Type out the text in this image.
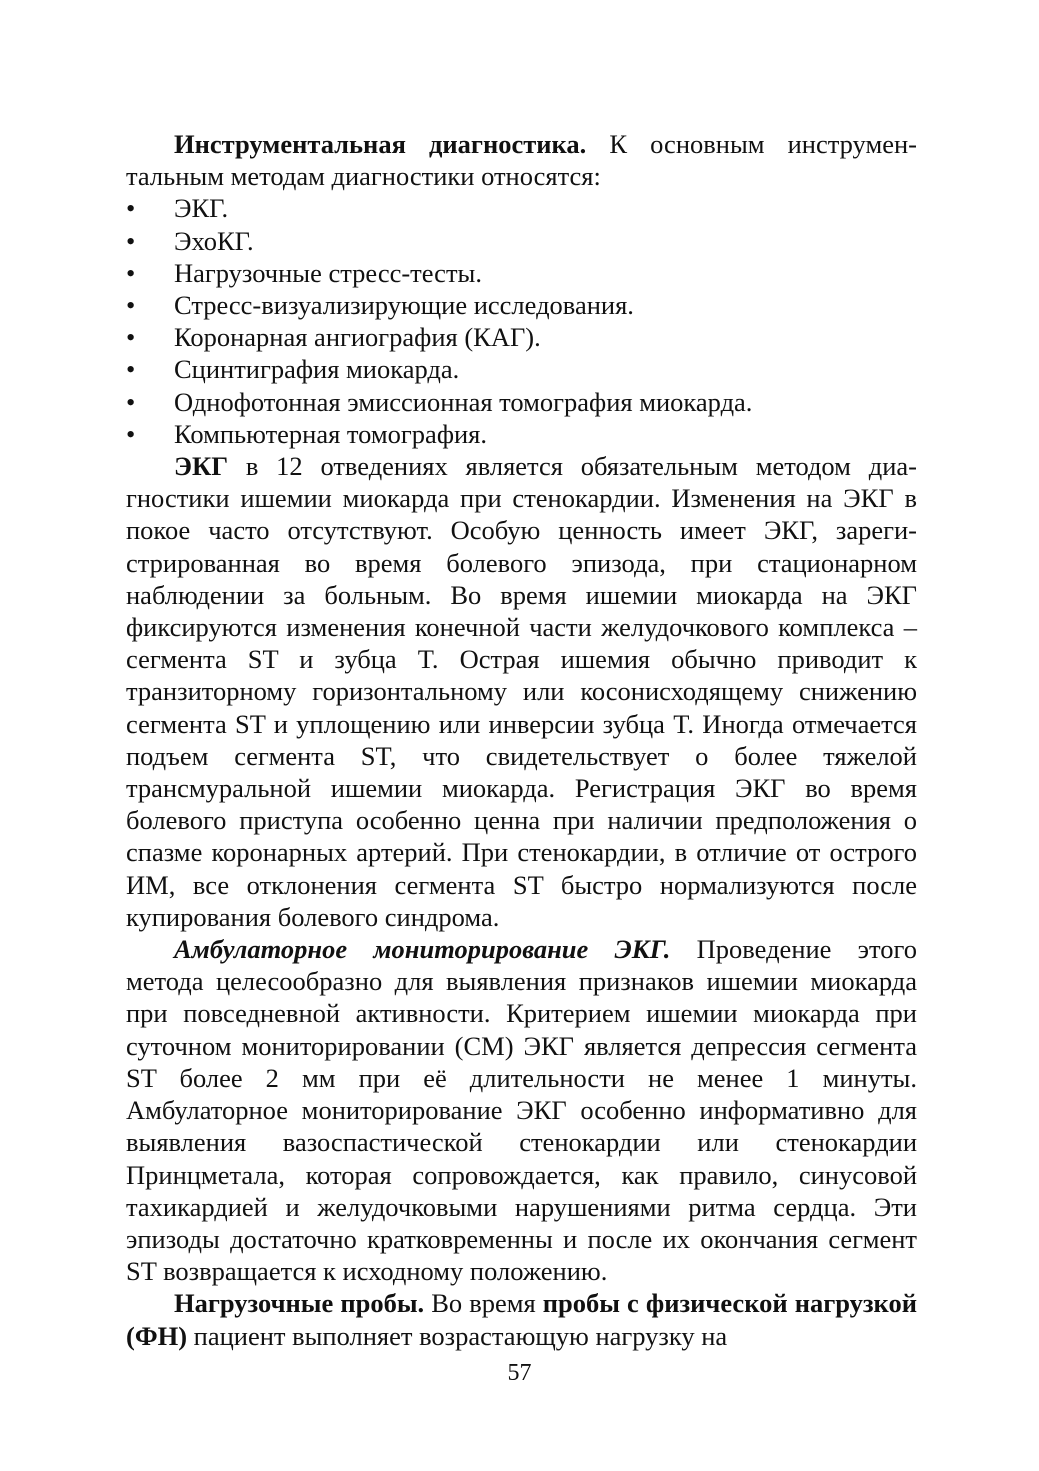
Инструментальная диагностика. К основным инструментальным методам диагностики относятся:

• ЭКГ.
• ЭхоКГ.
• Нагрузочные стресс-тесты.
• Стресс-визуализирующие исследования.
• Коронарная ангиография (КАГ).
• Сцинтиграфия миокарда.
• Однофотонная эмиссионная томография миокарда.
• Компьютерная томография.

ЭКГ в 12 отведениях является обязательным методом диагностики ишемии миокарда при стенокардии. Изменения на ЭКГ в покое часто отсутствуют. Особую ценность имеет ЭКГ, зарегистрированная во время болевого эпизода, при стационарном наблюдении за больным. Во время ишемии миокарда на ЭКГ фиксируются изменения конечной части желудочкового комплекса – сегмента ST и зубца T. Острая ишемия обычно приводит к транзиторному горизонтальному или косонисходящему снижению сегмента ST и уплощению или инверсии зубца T. Иногда отмечается подъем сегмента ST, что свидетельствует о более тяжелой трансмуральной ишемии миокарда. Регистрация ЭКГ во время болевого приступа особенно ценна при наличии предположения о спазме коронарных артерий. При стенокардии, в отличие от острого ИМ, все отклонения сегмента ST быстро нормализуются после купирования болевого синдрома.

Амбулаторное мониторирование ЭКГ. Проведение этого метода целесообразно для выявления признаков ишемии миокарда при повседневной активности. Критерием ишемии миокарда при суточном мониторировании (СМ) ЭКГ является депрессия сегмента ST более 2 мм при её длительности не менее 1 минуты. Амбулаторное мониторирование ЭКГ особенно информативно для выявления вазоспастической стенокардии или стенокардии Принцметала, которая сопровождается, как правило, синусовой тахикардией и желудочковыми нарушениями ритма сердца. Эти эпизоды достаточно кратковременны и после их окончания сегмент ST возвращается к исходному положению.

Нагрузочные пробы. Во время пробы с физической нагрузкой (ФН) пациент выполняет возрастающую нагрузку на

57
